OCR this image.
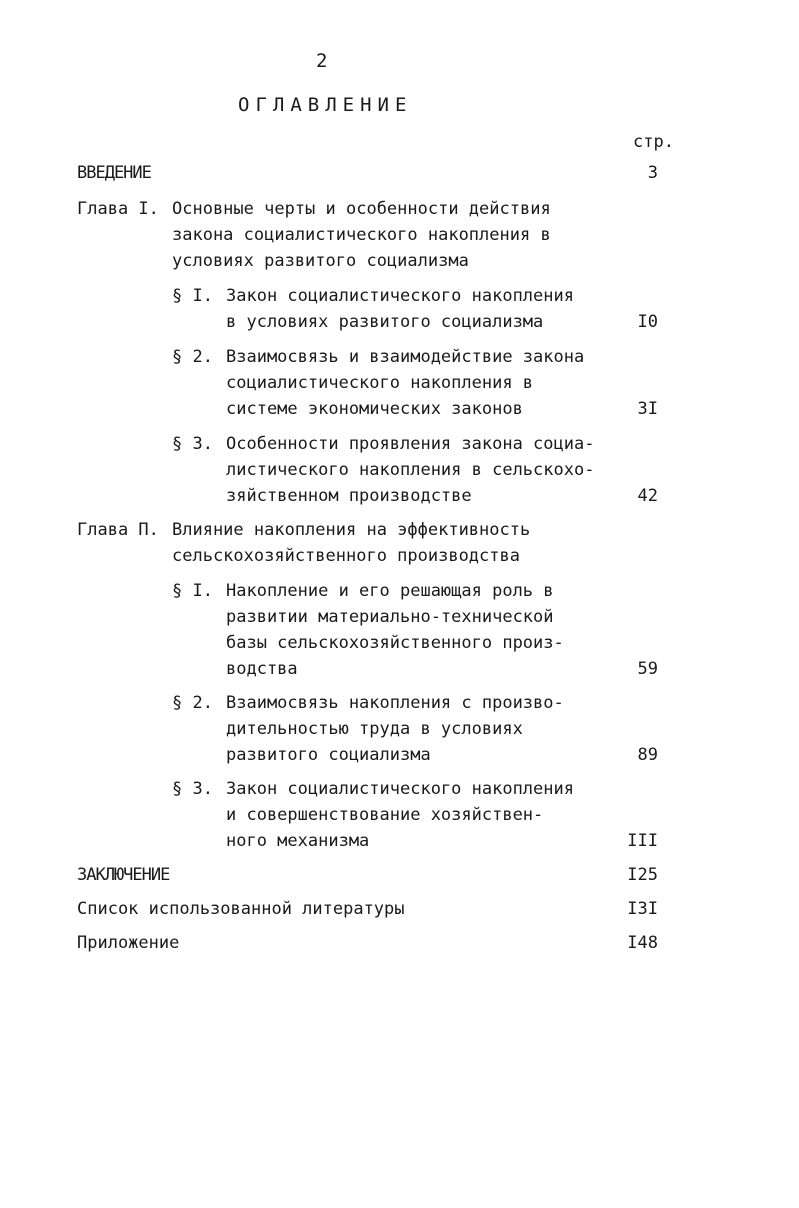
2
ОГЛАВЛЕНИЕ
стр.
ВВЕДЕНИЕ	3
Глава I. Основные черты и особенности действия
закона социалистического накопления в
условиях развитого социализма
§ I. Закон социалистического накопления
в условиях развитого социализма	I0
§ 2. Взаимосвязь и взаимодействие закона
социалистического накопления в
системе экономических законов	3I
§ 3. Особенности проявления закона социа-
листического накопления в сельскохо-
зяйственном производстве	42
Глава П. Влияние накопления на эффективность
сельскохозяйственного производства
§ I. Накопление и его решающая роль в
развитии материально-технической
базы сельскохозяйственного произ-
водства	59
§ 2. Взаимосвязь накопления с произво-
дительностью труда в условиях
развитого социализма	89
§ 3. Закон социалистического накопления
и совершенствование хозяйствен-
ного механизма	III
ЗАКЛЮЧЕНИЕ	I25
Список использованной литературы	I3I
Приложение	I48
